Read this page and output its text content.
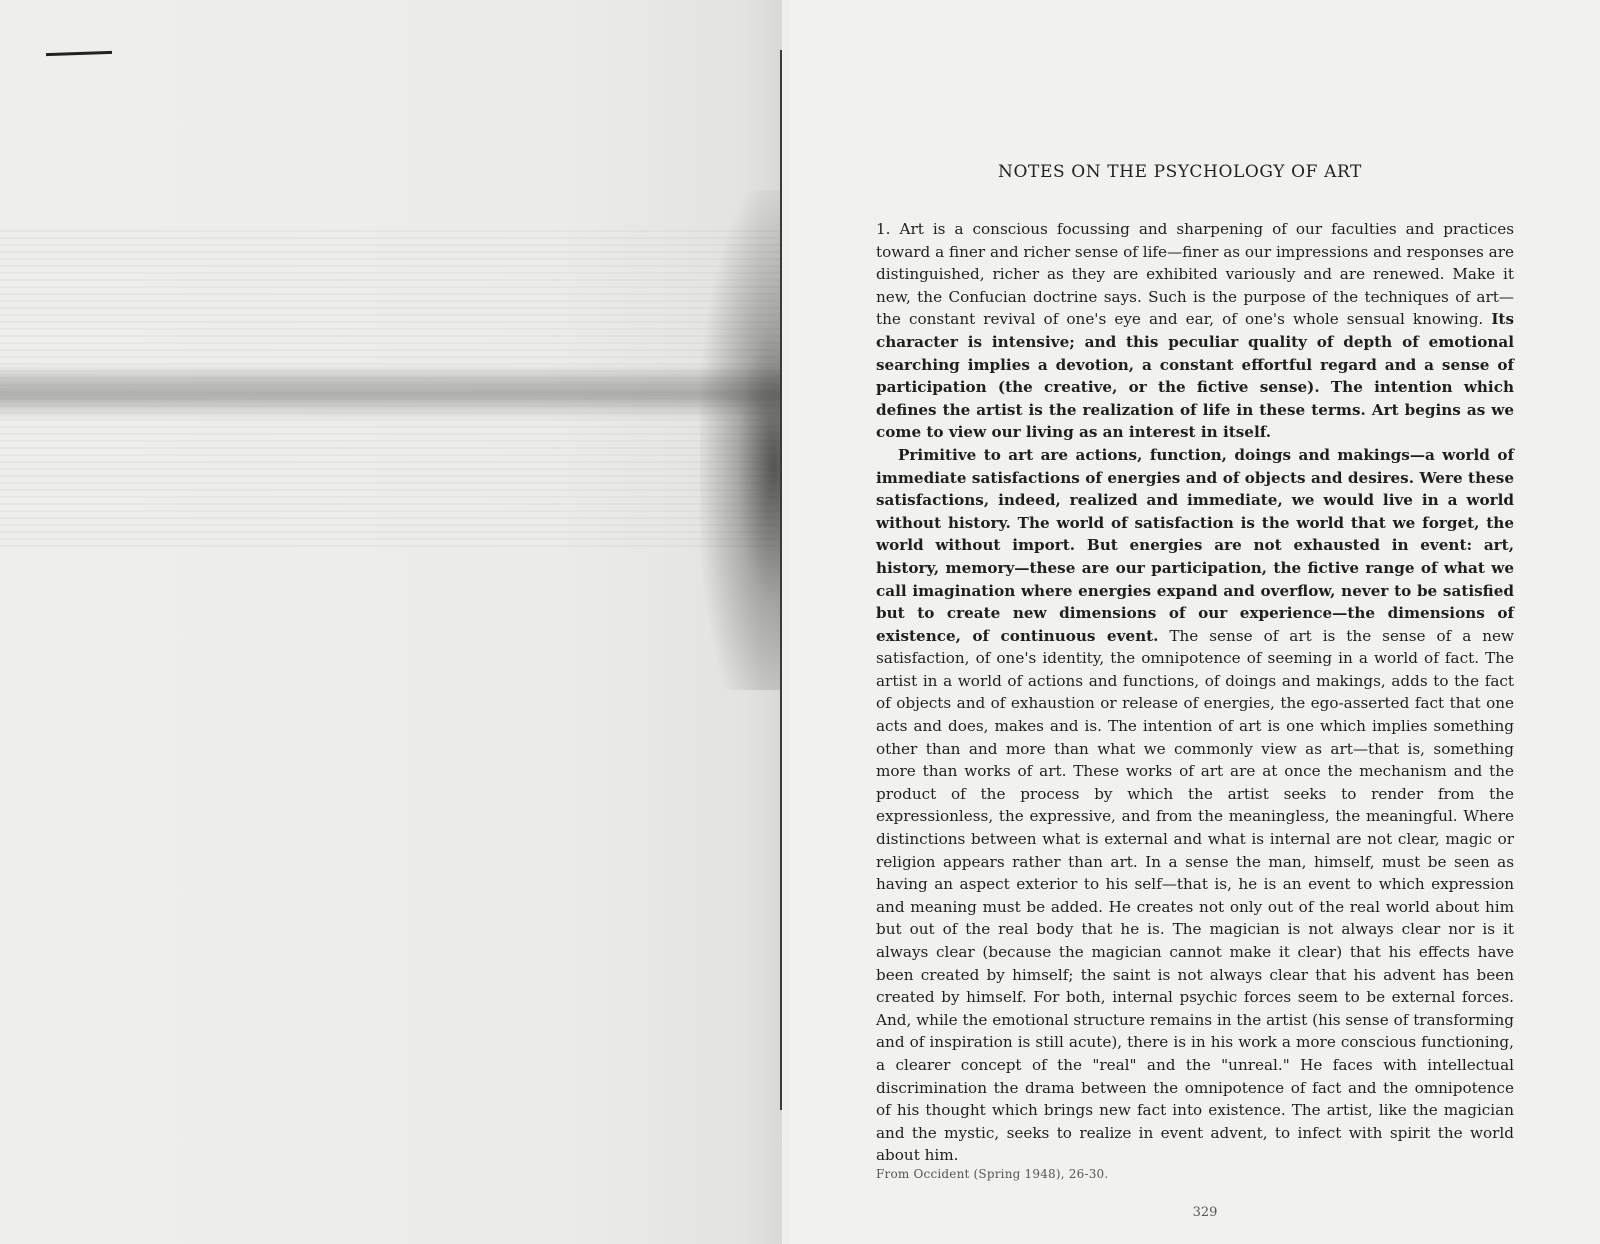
NOTES ON THE PSYCHOLOGY OF ART

1. Art is a conscious focussing and sharpening of our faculties and practices toward a finer and richer sense of life—finer as our impressions and responses are distinguished, richer as they are exhibited variously and are renewed. Make it new, the Confucian doctrine says. Such is the purpose of the techniques of art—the constant revival of one's eye and ear, of one's whole sensual knowing. Its character is intensive; and this peculiar quality of depth of emotional searching implies a devotion, a constant effortful regard and a sense of participation (the creative, or the fictive sense). The intention which defines the artist is the realization of life in these terms. Art begins as we come to view our living as an interest in itself.

Primitive to art are actions, function, doings and makings—a world of immediate satisfactions of energies and of objects and desires. Were these satisfactions, indeed, realized and immediate, we would live in a world without history. The world of satisfaction is the world that we forget, the world without import. But energies are not exhausted in event: art, history, memory—these are our participation, the fictive range of what we call imagination where energies expand and overflow, never to be satisfied but to create new dimensions of our experience—the dimensions of existence, of continuous event. The sense of art is the sense of a new satisfaction, of one's identity, the omnipotence of seeming in a world of fact. The artist in a world of actions and functions, of doings and makings, adds to the fact of objects and of exhaustion or release of energies, the ego-asserted fact that one acts and does, makes and is. The intention of art is one which implies something other than and more than what we commonly view as art—that is, something more than works of art. These works of art are at once the mechanism and the product of the process by which the artist seeks to render from the expressionless, the expressive, and from the meaningless, the meaningful. Where distinctions between what is external and what is internal are not clear, magic or religion appears rather than art. In a sense the man, himself, must be seen as having an aspect exterior to his self—that is, he is an event to which expression and meaning must be added. He creates not only out of the real world about him but out of the real body that he is. The magician is not always clear nor is it always clear (because the magician cannot make it clear) that his effects have been created by himself; the saint is not always clear that his advent has been created by himself. For both, internal psychic forces seem to be external forces. And, while the emotional structure remains in the artist (his sense of transforming and of inspiration is still acute), there is in his work a more conscious functioning, a clearer concept of the "real" and the "unreal." He faces with intellectual discrimination the drama between the omnipotence of fact and the omnipotence of his thought which brings new fact into existence. The artist, like the magician and the mystic, seeks to realize in event advent, to infect with spirit the world about him.

From Occident (Spring 1948), 26-30.
329
